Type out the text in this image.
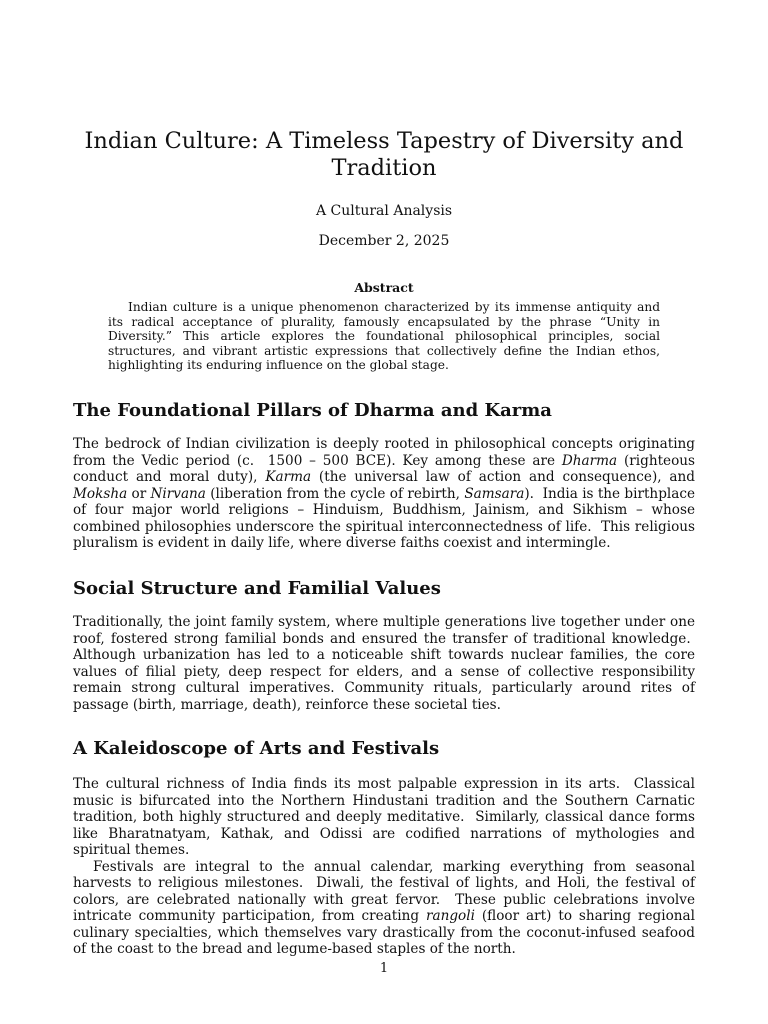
Indian Culture: A Timeless Tapestry of Diversity and Tradition

A Cultural Analysis

December 2, 2025

Abstract

Indian culture is a unique phenomenon characterized by its immense antiquity and its radical acceptance of plurality, famously encapsulated by the phrase “Unity in Diversity.” This article explores the foundational philosophical principles, social structures, and vibrant artistic expressions that collectively define the Indian ethos, highlighting its enduring influence on the global stage.

The Foundational Pillars of Dharma and Karma

The bedrock of Indian civilization is deeply rooted in philosophical concepts originating from the Vedic period (c.  1500 – 500 BCE). Key among these are Dharma (righteous conduct and moral duty), Karma (the universal law of action and consequence), and Moksha or Nirvana (liberation from the cycle of rebirth, Samsara).  India is the birthplace of four major world religions – Hinduism, Buddhism, Jainism, and Sikhism – whose combined philosophies underscore the spiritual interconnectedness of life.  This religious pluralism is evident in daily life, where diverse faiths coexist and intermingle.

Social Structure and Familial Values

Traditionally, the joint family system, where multiple generations live together under one roof, fostered strong familial bonds and ensured the transfer of traditional knowledge.  Although urbanization has led to a noticeable shift towards nuclear families, the core values of filial piety, deep respect for elders, and a sense of collective responsibility remain strong cultural imperatives. Community rituals, particularly around rites of passage (birth, marriage, death), reinforce these societal ties.

A Kaleidoscope of Arts and Festivals

The cultural richness of India finds its most palpable expression in its arts.  Classical music is bifurcated into the Northern Hindustani tradition and the Southern Carnatic tradition, both highly structured and deeply meditative.  Similarly, classical dance forms like Bharatnatyam, Kathak, and Odissi are codified narrations of mythologies and spiritual themes.

Festivals are integral to the annual calendar, marking everything from seasonal harvests to religious milestones.  Diwali, the festival of lights, and Holi, the festival of colors, are celebrated nationally with great fervor.  These public celebrations involve intricate community participation, from creating rangoli (floor art) to sharing regional culinary specialties, which themselves vary drastically from the coconut-infused seafood of the coast to the bread and legume-based staples of the north.

1
